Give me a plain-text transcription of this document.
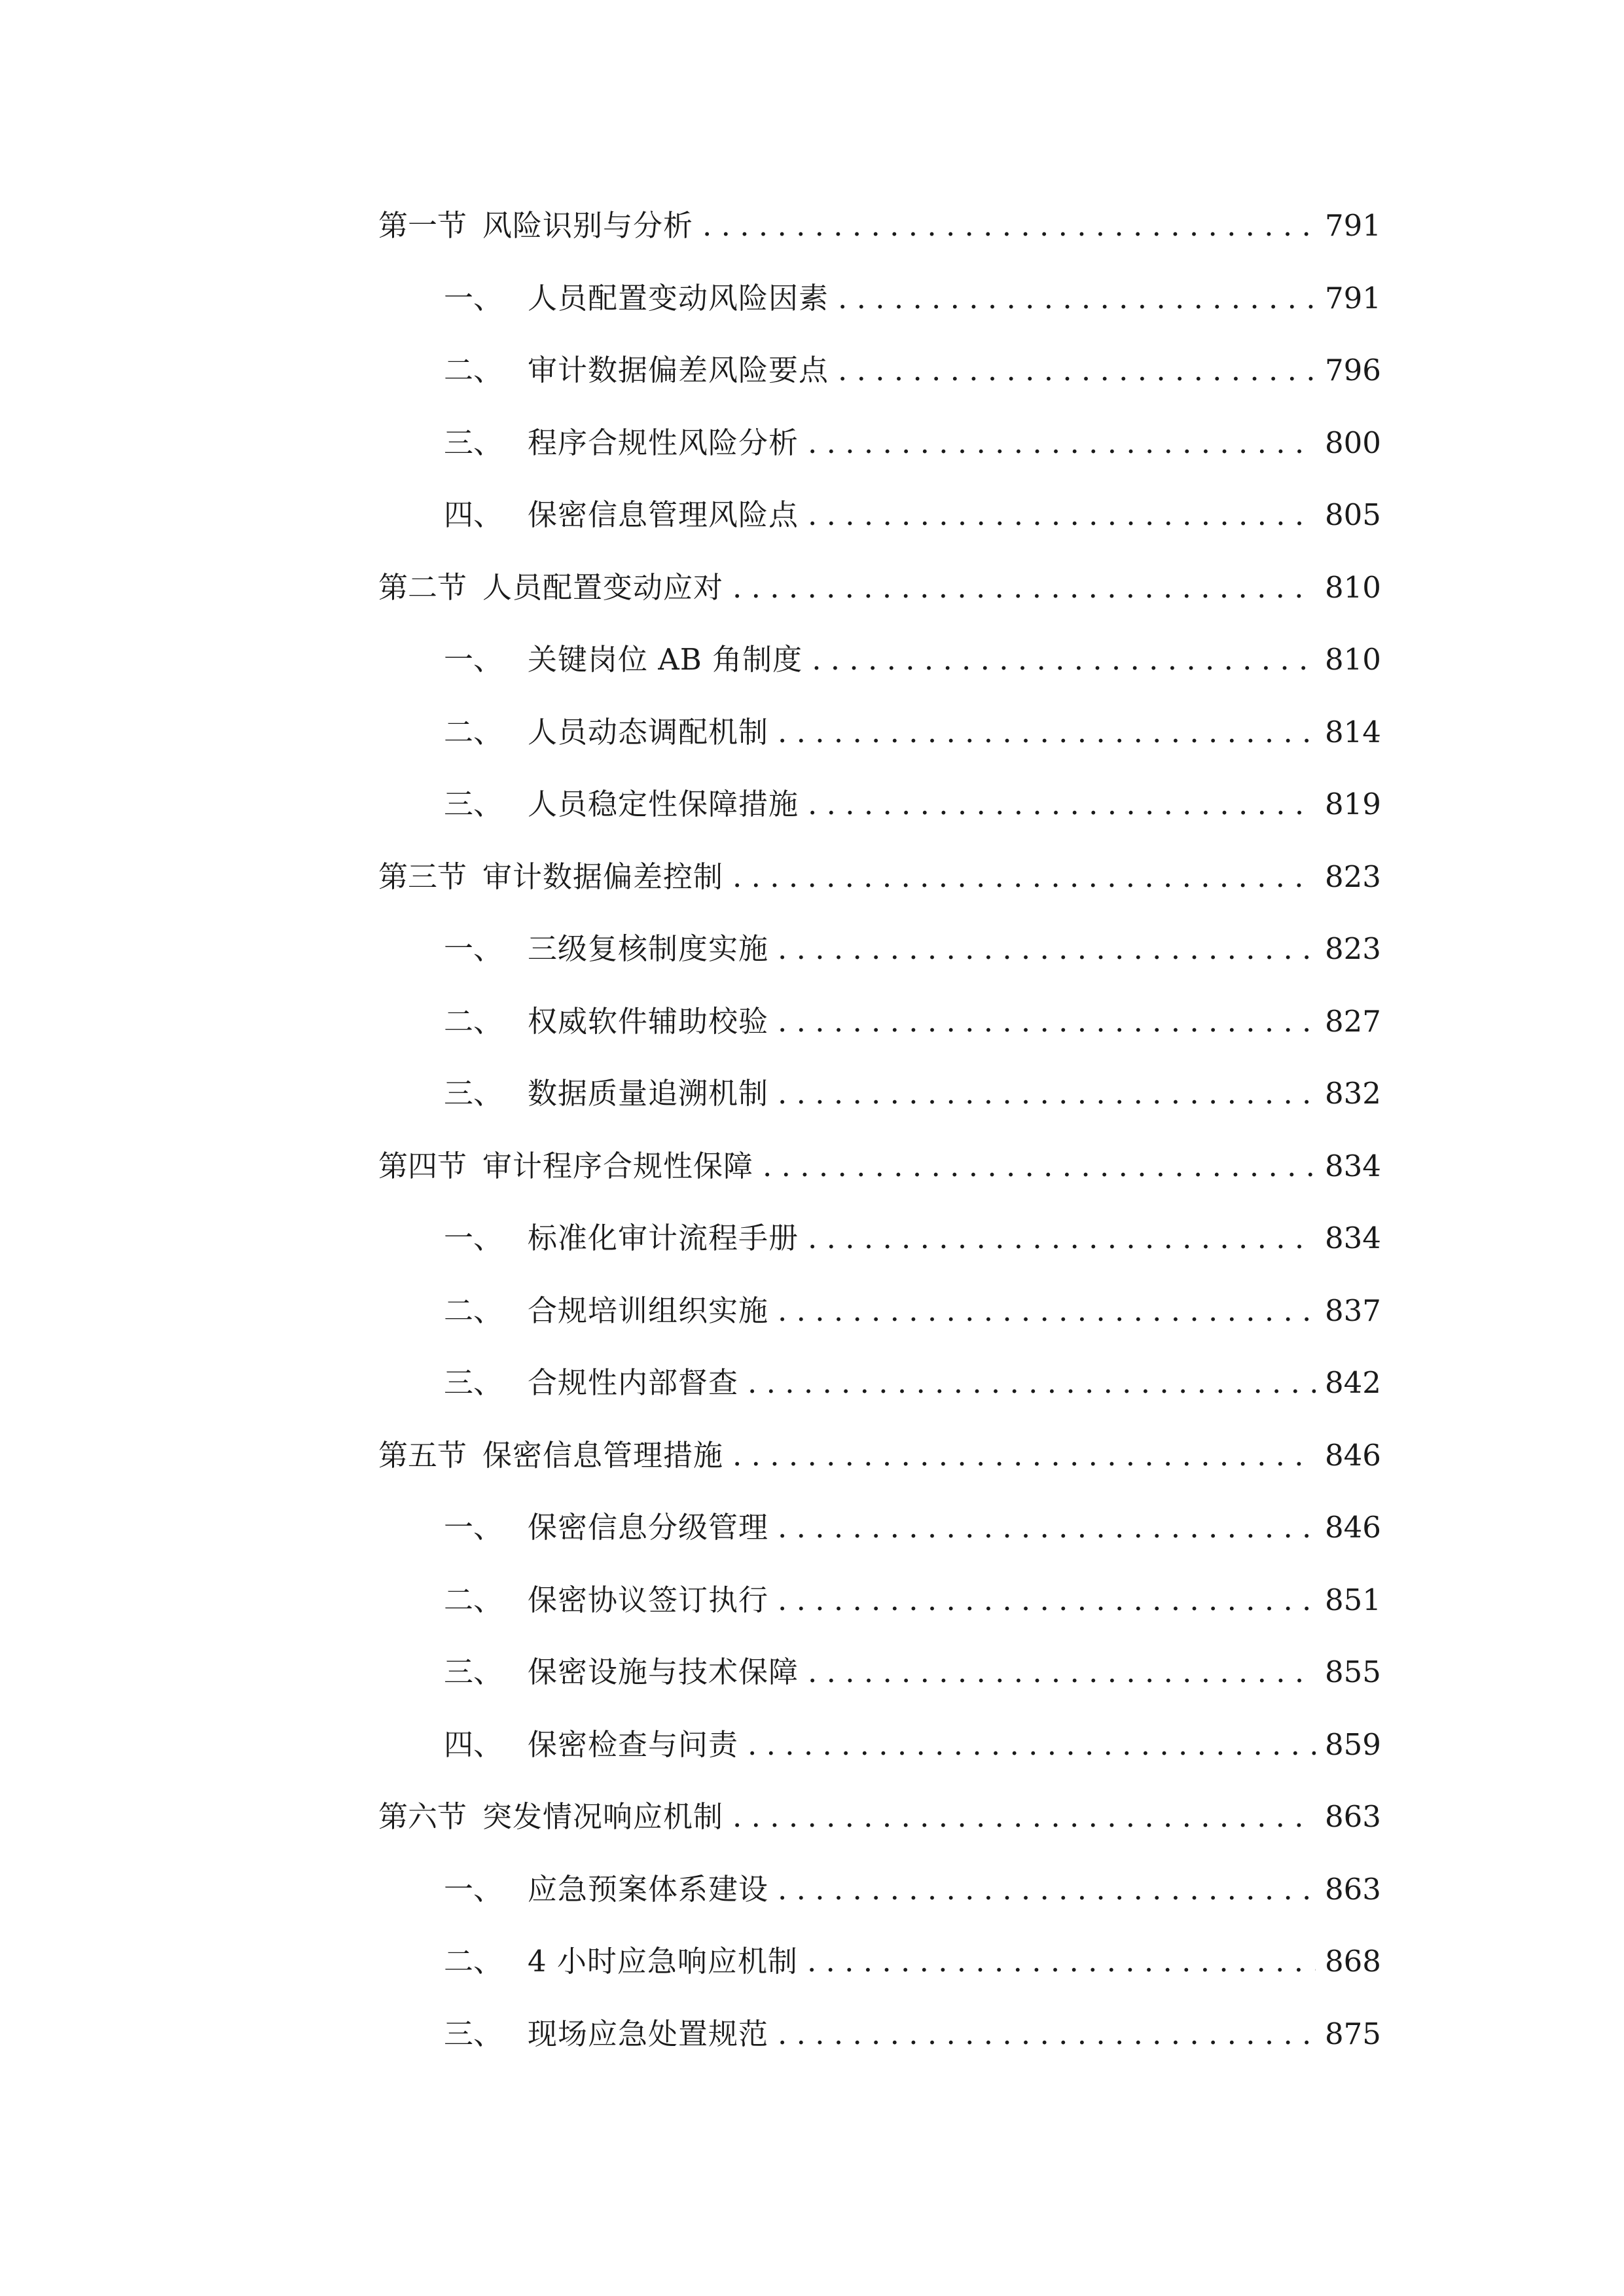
第一节 风险识别与分析 . . .	791
一、 人员配置变动风险因素 . . .	791
二、 审计数据偏差风险要点 . . .	796
三、 程序合规性风险分析 . . .	800
四、 保密信息管理风险点 . . .	805
第二节 人员配置变动应对 . . .	810
一、 关键岗位 AB 角制度 . . .	810
二、 人员动态调配机制 . . .	814
三、 人员稳定性保障措施 . . .	819
第三节 审计数据偏差控制 . . .	823
一、 三级复核制度实施 . . .	823
二、 权威软件辅助校验 . . .	827
三、 数据质量追溯机制 . . .	832
第四节 审计程序合规性保障 . . .	834
一、 标准化审计流程手册 . . .	834
二、 合规培训组织实施 . . .	837
三、 合规性内部督查 . . .	842
第五节 保密信息管理措施 . . .	846
一、 保密信息分级管理 . . .	846
二、 保密协议签订执行 . . .	851
三、 保密设施与技术保障 . . .	855
四、 保密检查与问责 . . .	859
第六节 突发情况响应机制 . . .	863
一、 应急预案体系建设 . . .	863
二、 4 小时应急响应机制 . . .	868
三、 现场应急处置规范 . . .	875
